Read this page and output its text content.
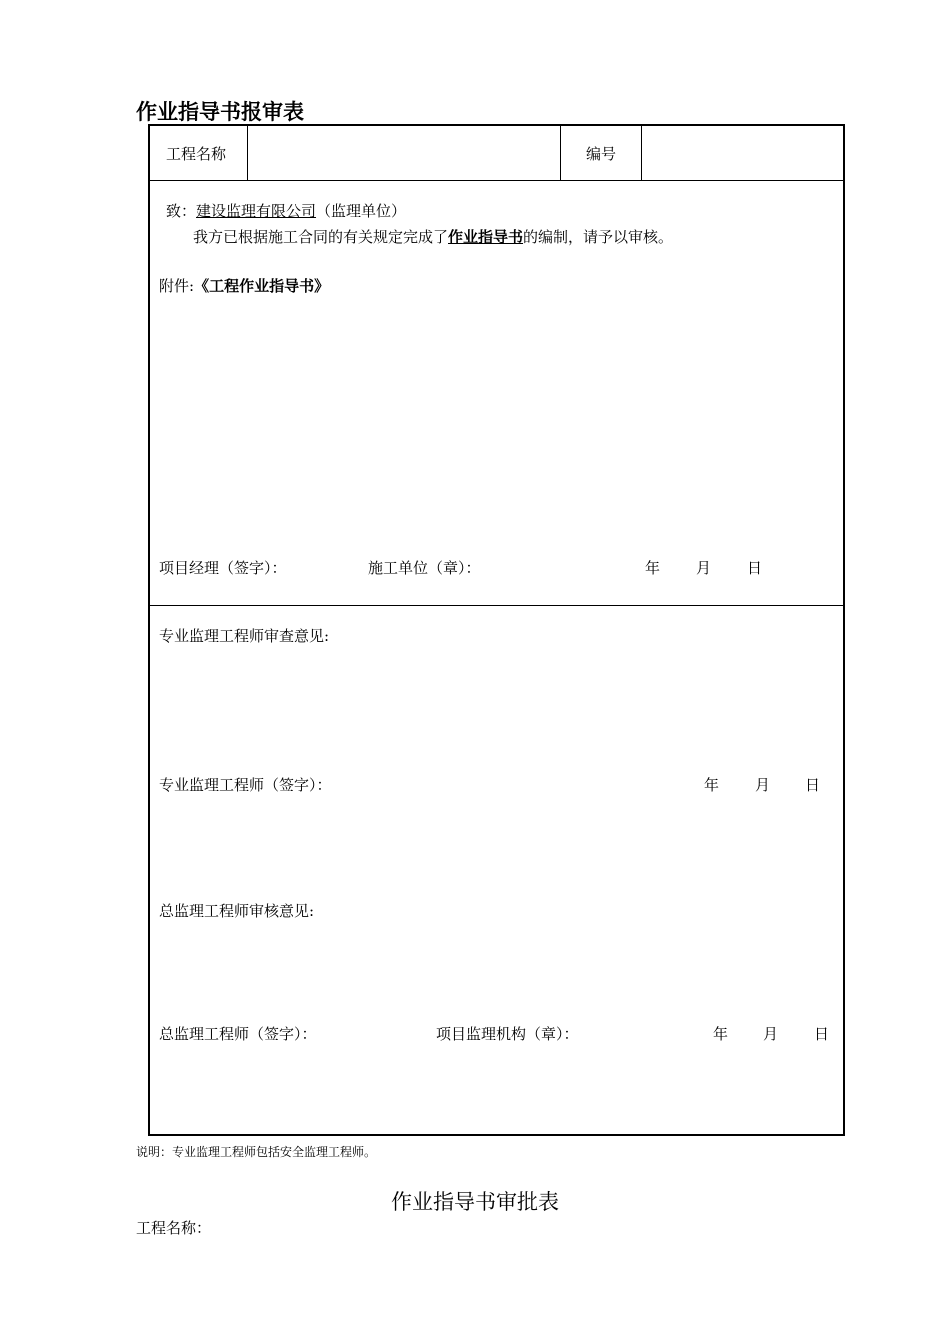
作业指导书报审表
工程名称	编号
致：建设监理有限公司（监理单位）
我方已根据施工合同的有关规定完成了作业指导书的编制，请予以审核。
附件:《工程作业指导书》
项目经理（签字）：	施工单位（章）：	年 月 日
专业监理工程师审查意见:
专业监理工程师（签字）：	年 月 日
总监理工程师审核意见:
总监理工程师（签字）：	项目监理机构（章）：	年 月 日
说明：专业监理工程师包括安全监理工程师。
作业指导书审批表
工程名称：
